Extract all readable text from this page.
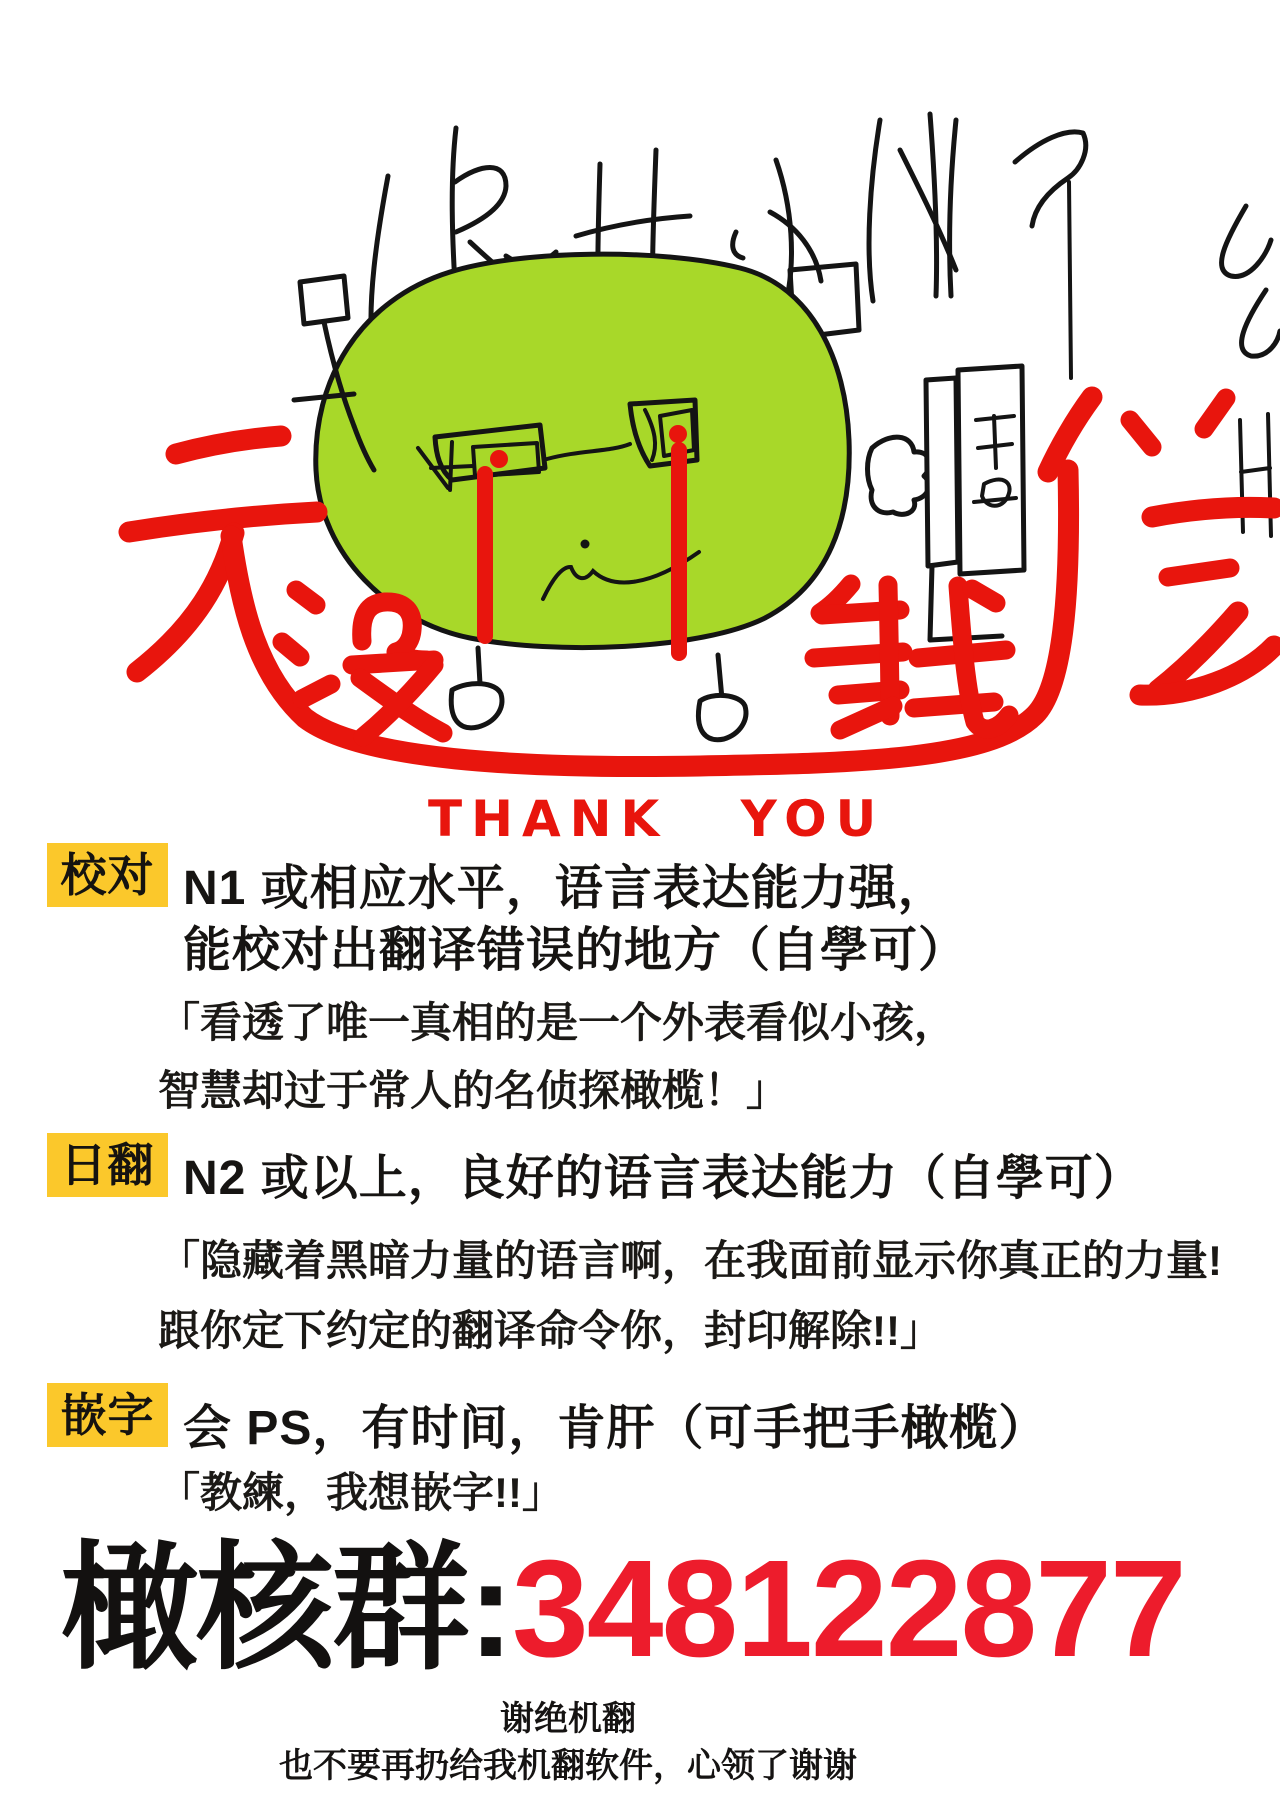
THANK YOU
校对 N1 或相应水平，语言表达能力强，
能校对出翻译错误的地方（自學可）
「看透了唯一真相的是一个外表看似小孩，
智慧却过于常人的名侦探橄榄！」
日翻 N2 或以上，良好的语言表达能力（自學可）
「隐藏着黑暗力量的语言啊，在我面前显示你真正的力量!
跟你定下约定的翻译命令你，封印解除!!」
嵌字 会 PS，有时间，肯肝（可手把手橄榄）
「教練，我想嵌字!!」
橄核群:348122877
谢绝机翻
也不要再扔给我机翻软件，心领了谢谢
